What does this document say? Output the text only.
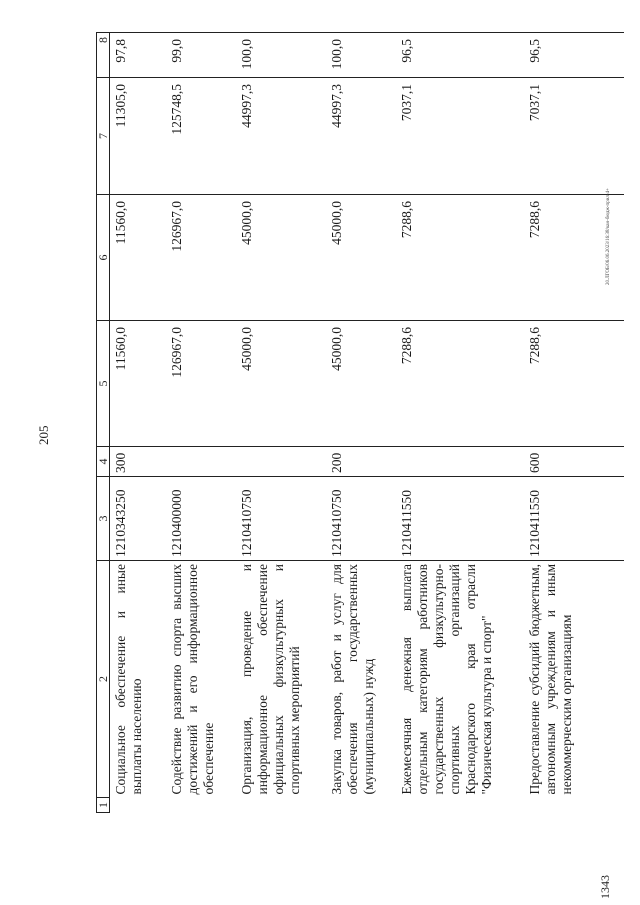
205
1	2	3	4	5	6	7	8
	Социальное обеспечение и иные выплаты населению	1210343250	300	11560,0	11560,0	11305,0	97,8
	Содействие развитию спорта высших достижений и его информационное обеспечение	1210400000		126967,0	126967,0	125748,5	99,0
	Организация, проведение и информационное обеспечение официальных физкультурных и спортивных мероприятий	1210410750		45000,0	45000,0	44997,3	100,0
	Закупка товаров, работ и услуг для обеспечения государственных (муниципальных) нужд	1210410750	200	45000,0	45000,0	44997,3	100,0
	Ежемесячная денежная выплата отдельным категориям работников государственных физкультурно-спортивных организаций Краснодарского края отрасли "Физическая культура и спорт"	1210411550		7288,6	7288,6	7037,1	96,5
	Предоставление субсидий бюджетным, автономным учреждениям и иным некоммерческим организациям	1210411550	600	7288,6	7288,6	7037,1	96,5
1343
20.ЛГОБ/06.06.2023/16:38/кан-бюдж-прил-4+
